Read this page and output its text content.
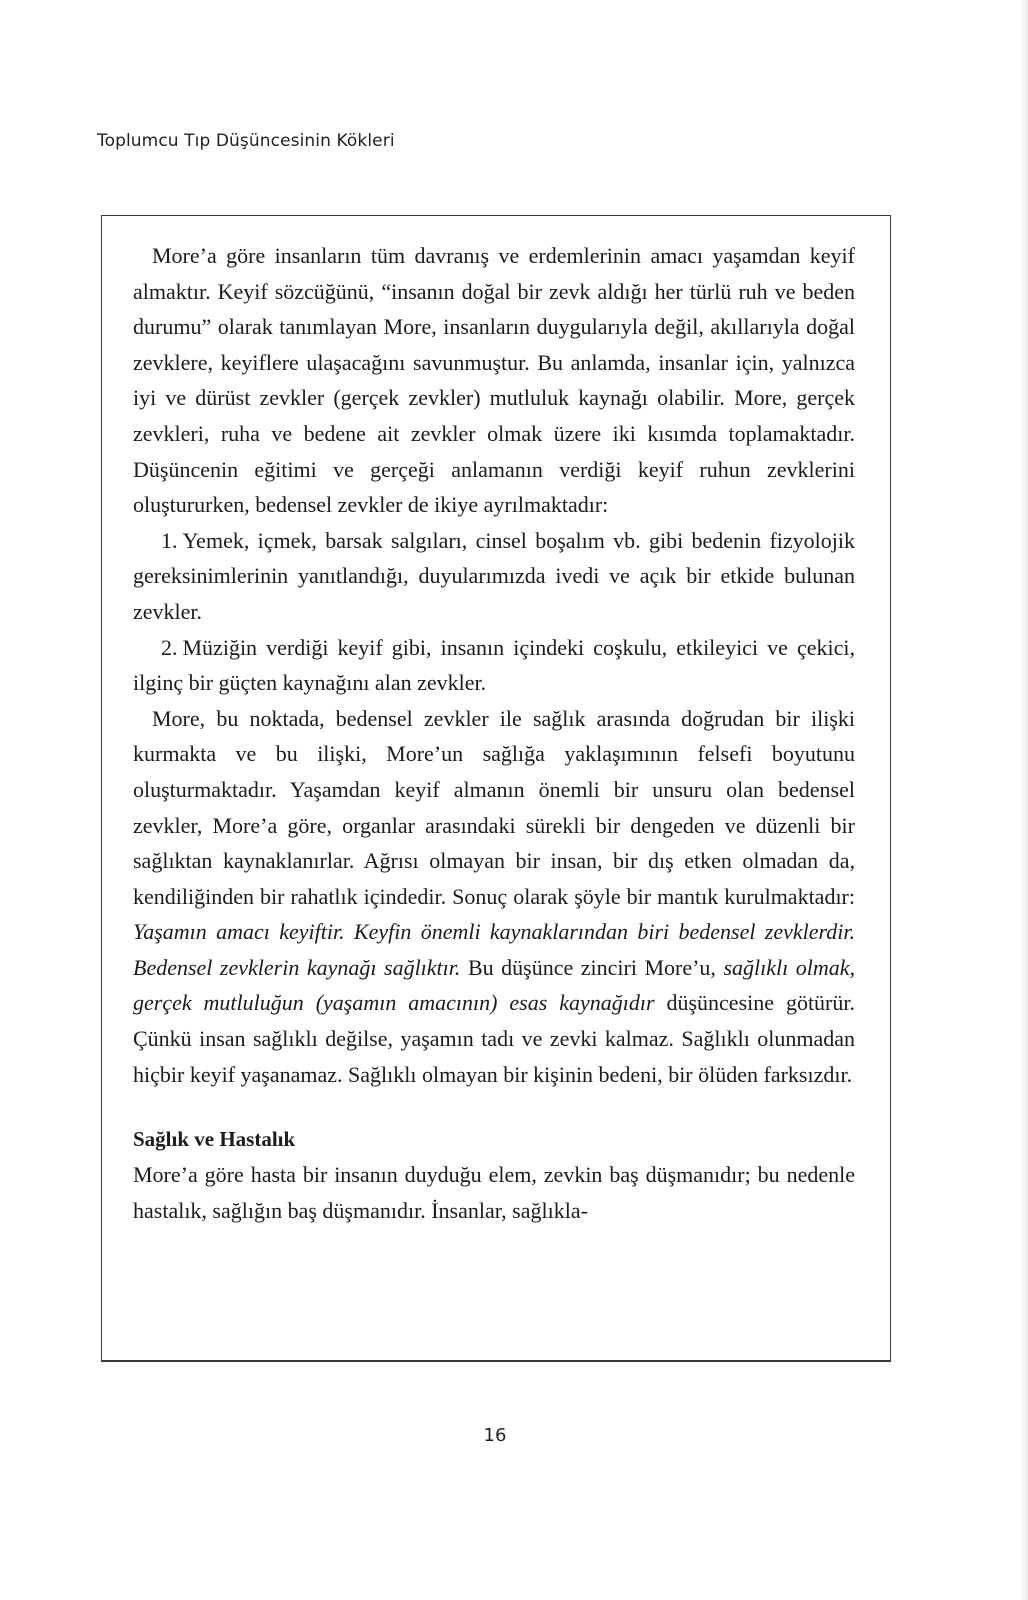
Toplumcu Tıp Düşüncesinin Kökleri

More’a göre insanların tüm davranış ve erdemlerinin amacı yaşamdan keyif almaktır. Keyif sözcüğünü, “insanın doğal bir zevk aldığı her türlü ruh ve beden durumu” olarak tanımlayan More, insanların duygularıyla değil, akıllarıyla doğal zevklere, keyiflere ulaşacağını savunmuştur. Bu anlamda, insanlar için, yalnızca iyi ve dürüst zevkler (gerçek zevkler) mutluluk kaynağı olabilir. More, gerçek zevkleri, ruha ve bedene ait zevkler olmak üzere iki kısımda toplamaktadır. Düşüncenin eğitimi ve gerçeği anlamanın verdiği keyif ruhun zevklerini oluştururken, bedensel zevkler de ikiye ayrılmaktadır:

1. Yemek, içmek, barsak salgıları, cinsel boşalım vb. gibi bedenin fizyolojik gereksinimlerinin yanıtlandığı, duyularımızda ivedi ve açık bir etkide bulunan zevkler.

2. Müziğin verdiği keyif gibi, insanın içindeki coşkulu, etkileyici ve çekici, ilginç bir güçten kaynağını alan zevkler.

More, bu noktada, bedensel zevkler ile sağlık arasında doğrudan bir ilişki kurmakta ve bu ilişki, More’un sağlığa yaklaşımının felsefi boyutunu oluşturmaktadır. Yaşamdan keyif almanın önemli bir unsuru olan bedensel zevkler, More’a göre, organlar arasındaki sürekli bir dengeden ve düzenli bir sağlıktan kaynaklanırlar. Ağrısı olmayan bir insan, bir dış etken olmadan da, kendiliğinden bir rahatlık içindedir. Sonuç olarak şöyle bir mantık kurulmaktadır: Yaşamın amacı keyiftir. Keyfin önemli kaynaklarından biri bedensel zevklerdir. Bedensel zevklerin kaynağı sağlıktır. Bu düşünce zinciri More’u, sağlıklı olmak, gerçek mutluluğun (yaşamın amacının) esas kaynağıdır düşüncesine götürür. Çünkü insan sağlıklı değilse, yaşamın tadı ve zevki kalmaz. Sağlıklı olunmadan hiçbir keyif yaşanamaz. Sağlıklı olmayan bir kişinin bedeni, bir ölüden farksızdır.

Sağlık ve Hastalık

More’a göre hasta bir insanın duyduğu elem, zevkin baş düşmanıdır; bu nedenle hastalık, sağlığın baş düşmanıdır. İnsanlar, sağlıkla-

16
